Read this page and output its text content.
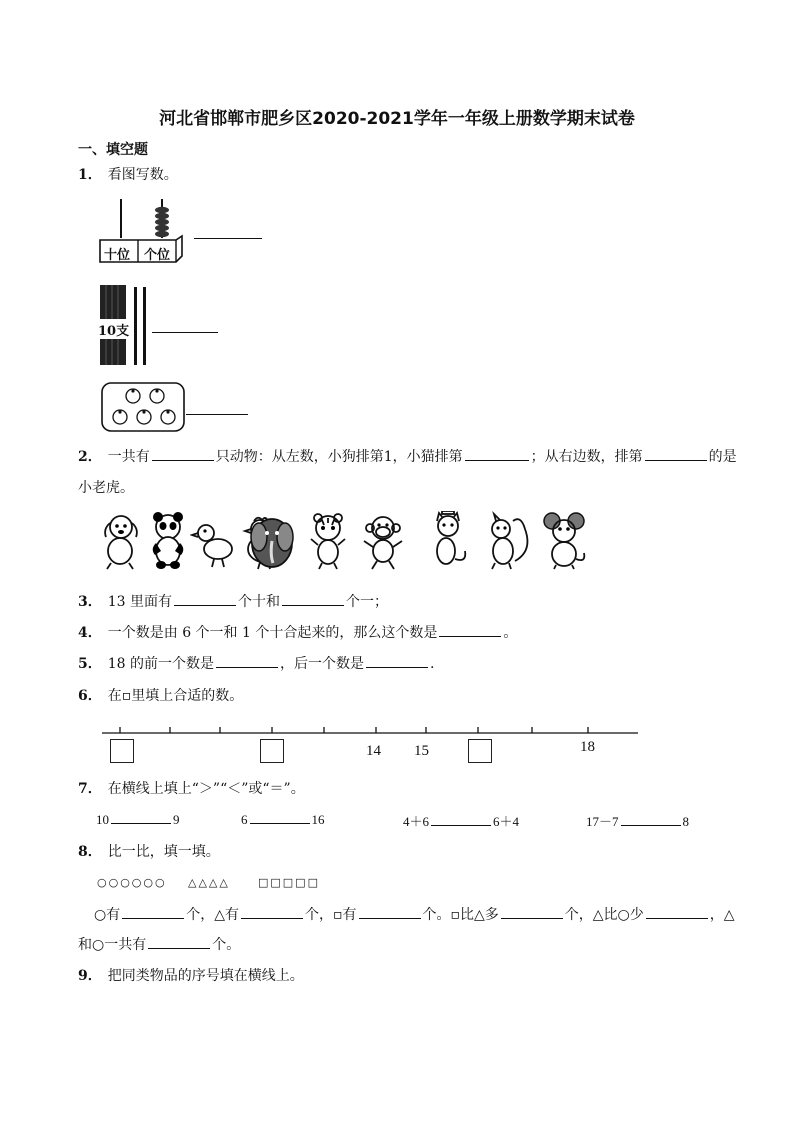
河北省邯郸市肥乡区2020-2021学年一年级上册数学期末试卷
一、填空题
1． 看图写数。
十位 个位
10支
2． 一共有	只动物：从左数，小狗排第1，小猫排第	；从右边数，排第	的是
小老虎。
3． 13 里面有	个十和	个一；
4． 一个数是由 6 个一和 1 个十合起来的，那么这个数是	。
5． 18 的前一个数是	，后一个数是	.
6． 在▫里填上合适的数。
14 15	18
7． 在横线上填上“＞”“＜”或“＝”。
10	9	6	16	4＋6	6＋4	17－7	8
8． 比一比，填一填。
○○○○○○ △△△△	□□□□□
○有	个，△有	个，▫有	个。▫比△多	个，△比○少	，△
和○一共有	个。
9． 把同类物品的序号填在横线上。
